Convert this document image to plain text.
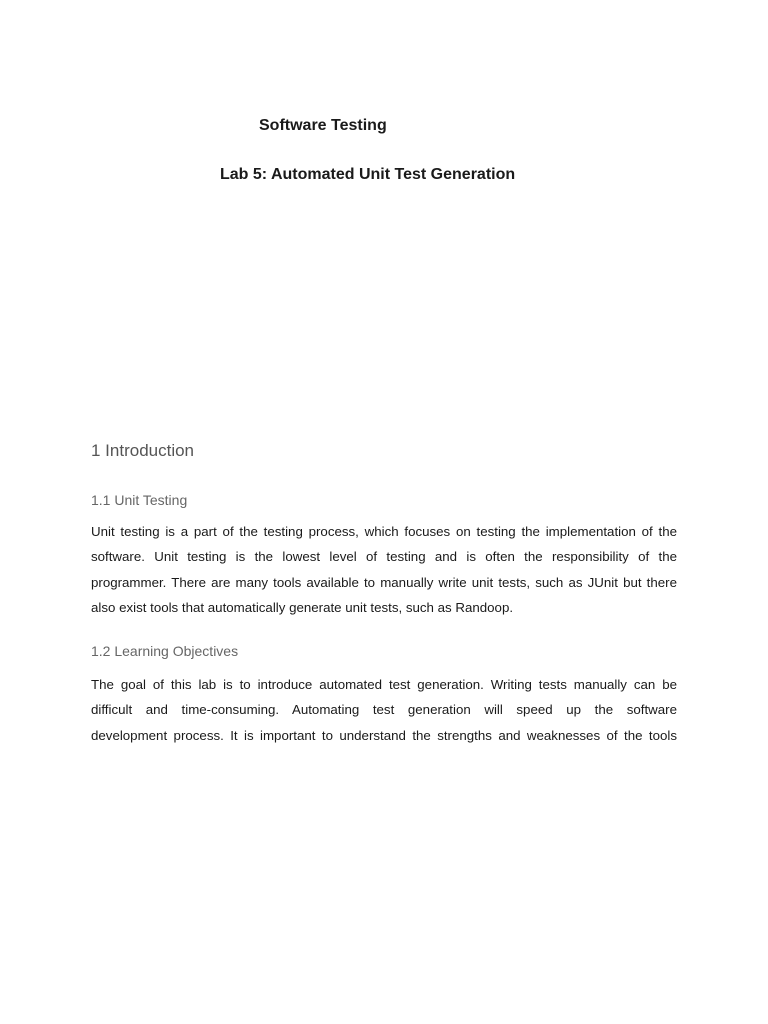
Software Testing
Lab 5: Automated Unit Test Generation
1 Introduction
1.1 Unit Testing
Unit testing is a part of the testing process, which focuses on testing the implementation of the
software. Unit testing is the lowest level of testing and is often the responsibility of the
programmer. There are many tools available to manually write unit tests, such as JUnit but there
also exist tools that automatically generate unit tests, such as Randoop.
1.2 Learning Objectives
The goal of this lab is to introduce automated test generation. Writing tests manually can be
difficult and time-consuming. Automating test generation will speed up the software
development process. It is important to understand the strengths and weaknesses of the tools
